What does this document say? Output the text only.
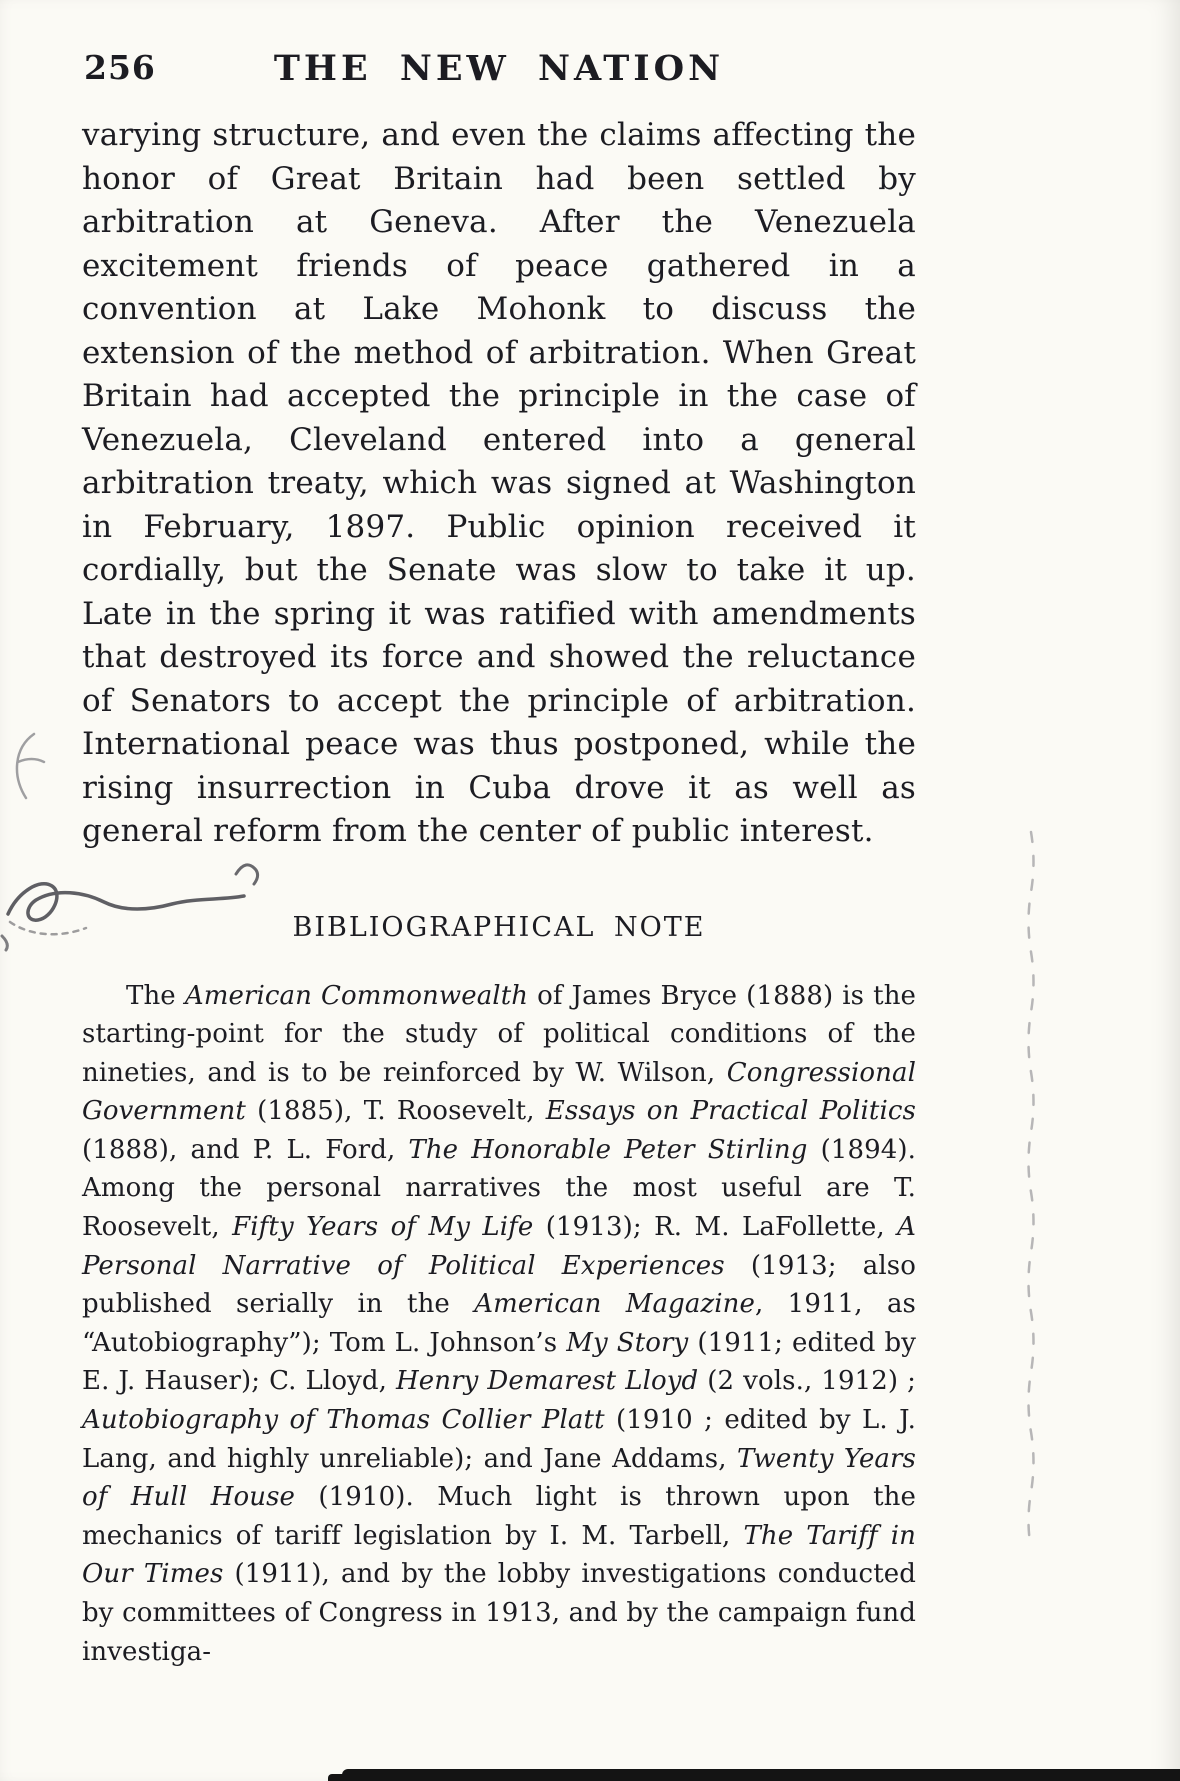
256	THE NEW NATION

varying structure, and even the claims affecting the honor of Great Britain had been settled by arbitration at Geneva. After the Venezuela excitement friends of peace gathered in a convention at Lake Mohonk to discuss the extension of the method of arbitration. When Great Britain had accepted the principle in the case of Venezuela, Cleveland entered into a general arbitration treaty, which was signed at Washington in February, 1897. Public opinion received it cordially, but the Senate was slow to take it up. Late in the spring it was ratified with amendments that destroyed its force and showed the reluctance of Senators to accept the principle of arbitration. International peace was thus postponed, while the rising insurrection in Cuba drove it as well as general reform from the center of public interest.

BIBLIOGRAPHICAL NOTE

The American Commonwealth of James Bryce (1888) is the starting-point for the study of political conditions of the nineties, and is to be reinforced by W. Wilson, Congressional Government (1885), T. Roosevelt, Essays on Practical Politics (1888), and P. L. Ford, The Honorable Peter Stirling (1894). Among the personal narratives the most useful are T. Roosevelt, Fifty Years of My Life (1913); R. M. LaFollette, A Personal Narrative of Political Experiences (1913; also published serially in the American Magazine, 1911, as “Autobiography”); Tom L. Johnson’s My Story (1911; edited by E. J. Hauser); C. Lloyd, Henry Demarest Lloyd (2 vols., 1912) ; Autobiography of Thomas Collier Platt (1910 ; edited by L. J. Lang, and highly unreliable); and Jane Addams, Twenty Years of Hull House (1910). Much light is thrown upon the mechanics of tariff legislation by I. M. Tarbell, The Tariff in Our Times (1911), and by the lobby investigations conducted by committees of Congress in 1913, and by the campaign fund investiga-
